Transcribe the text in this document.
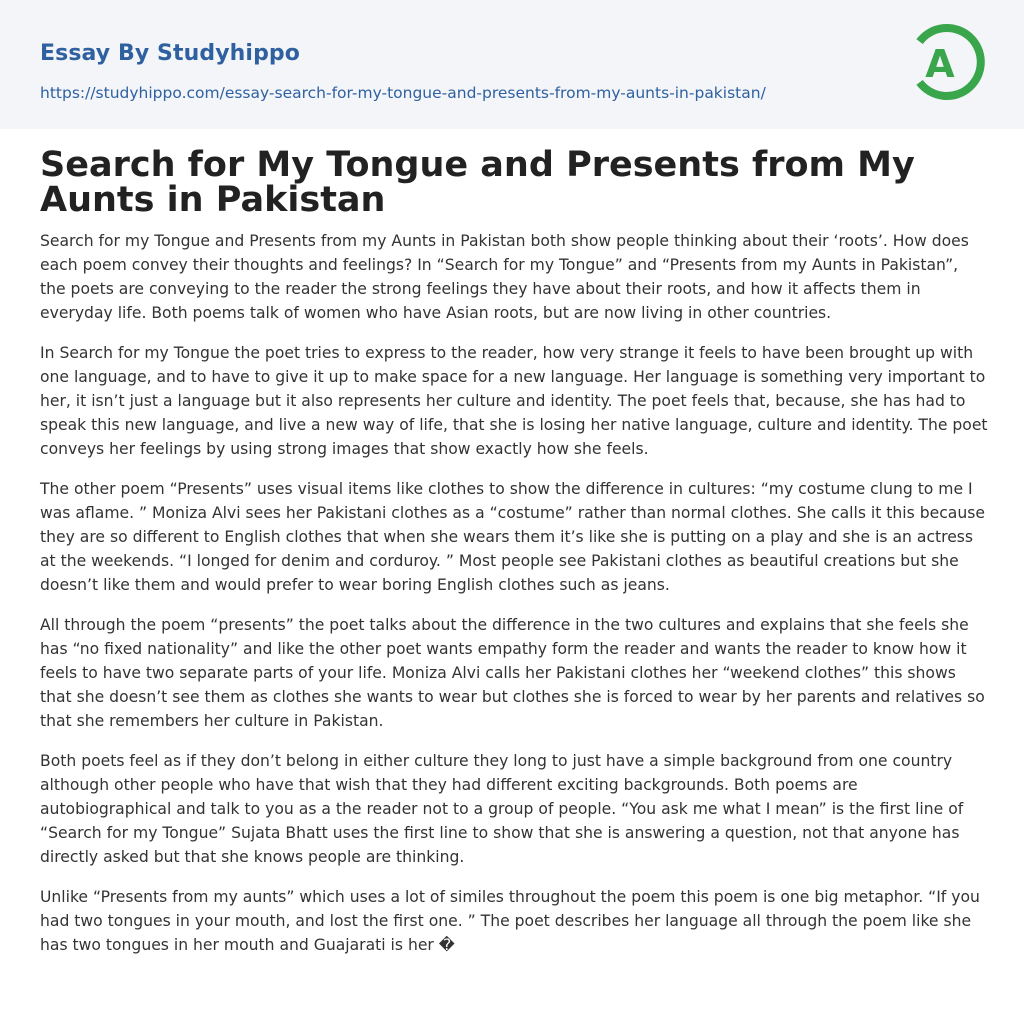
Essay By Studyhippo
https://studyhippo.com/essay-search-for-my-tongue-and-presents-from-my-aunts-in-pakistan/
A
Search for My Tongue and Presents from My Aunts in Pakistan

Search for my Tongue and Presents from my Aunts in Pakistan both show people thinking about their ‘roots’. How does each poem convey their thoughts and feelings? In “Search for my Tongue” and “Presents from my Aunts in Pakistan”, the poets are conveying to the reader the strong feelings they have about their roots, and how it affects them in everyday life. Both poems talk of women who have Asian roots, but are now living in other countries.

In Search for my Tongue the poet tries to express to the reader, how very strange it feels to have been brought up with one language, and to have to give it up to make space for a new language. Her language is something very important to her, it isn’t just a language but it also represents her culture and identity. The poet feels that, because, she has had to speak this new language, and live a new way of life, that she is losing her native language, culture and identity. The poet conveys her feelings by using strong images that show exactly how she feels.

The other poem “Presents” uses visual items like clothes to show the difference in cultures: “my costume clung to me I was aflame. ” Moniza Alvi sees her Pakistani clothes as a “costume” rather than normal clothes. She calls it this because they are so different to English clothes that when she wears them it’s like she is putting on a play and she is an actress at the weekends. “I longed for denim and corduroy. ” Most people see Pakistani clothes as beautiful creations but she doesn’t like them and would prefer to wear boring English clothes such as jeans.

All through the poem “presents” the poet talks about the difference in the two cultures and explains that she feels she has “no fixed nationality” and like the other poet wants empathy form the reader and wants the reader to know how it feels to have two separate parts of your life. Moniza Alvi calls her Pakistani clothes her “weekend clothes” this shows that she doesn’t see them as clothes she wants to wear but clothes she is forced to wear by her parents and relatives so that she remembers her culture in Pakistan.

Both poets feel as if they don’t belong in either culture they long to just have a simple background from one country although other people who have that wish that they had different exciting backgrounds. Both poems are autobiographical and talk to you as a the reader not to a group of people. “You ask me what I mean” is the first line of “Search for my Tongue” Sujata Bhatt uses the first line to show that she is answering a question, not that anyone has directly asked but that she knows people are thinking.

Unlike “Presents from my aunts” which uses a lot of similes throughout the poem this poem is one big metaphor. “If you had two tongues in your mouth, and lost the first one. ” The poet describes her language all through the poem like she has two tongues in her mouth and Guajarati is her �
